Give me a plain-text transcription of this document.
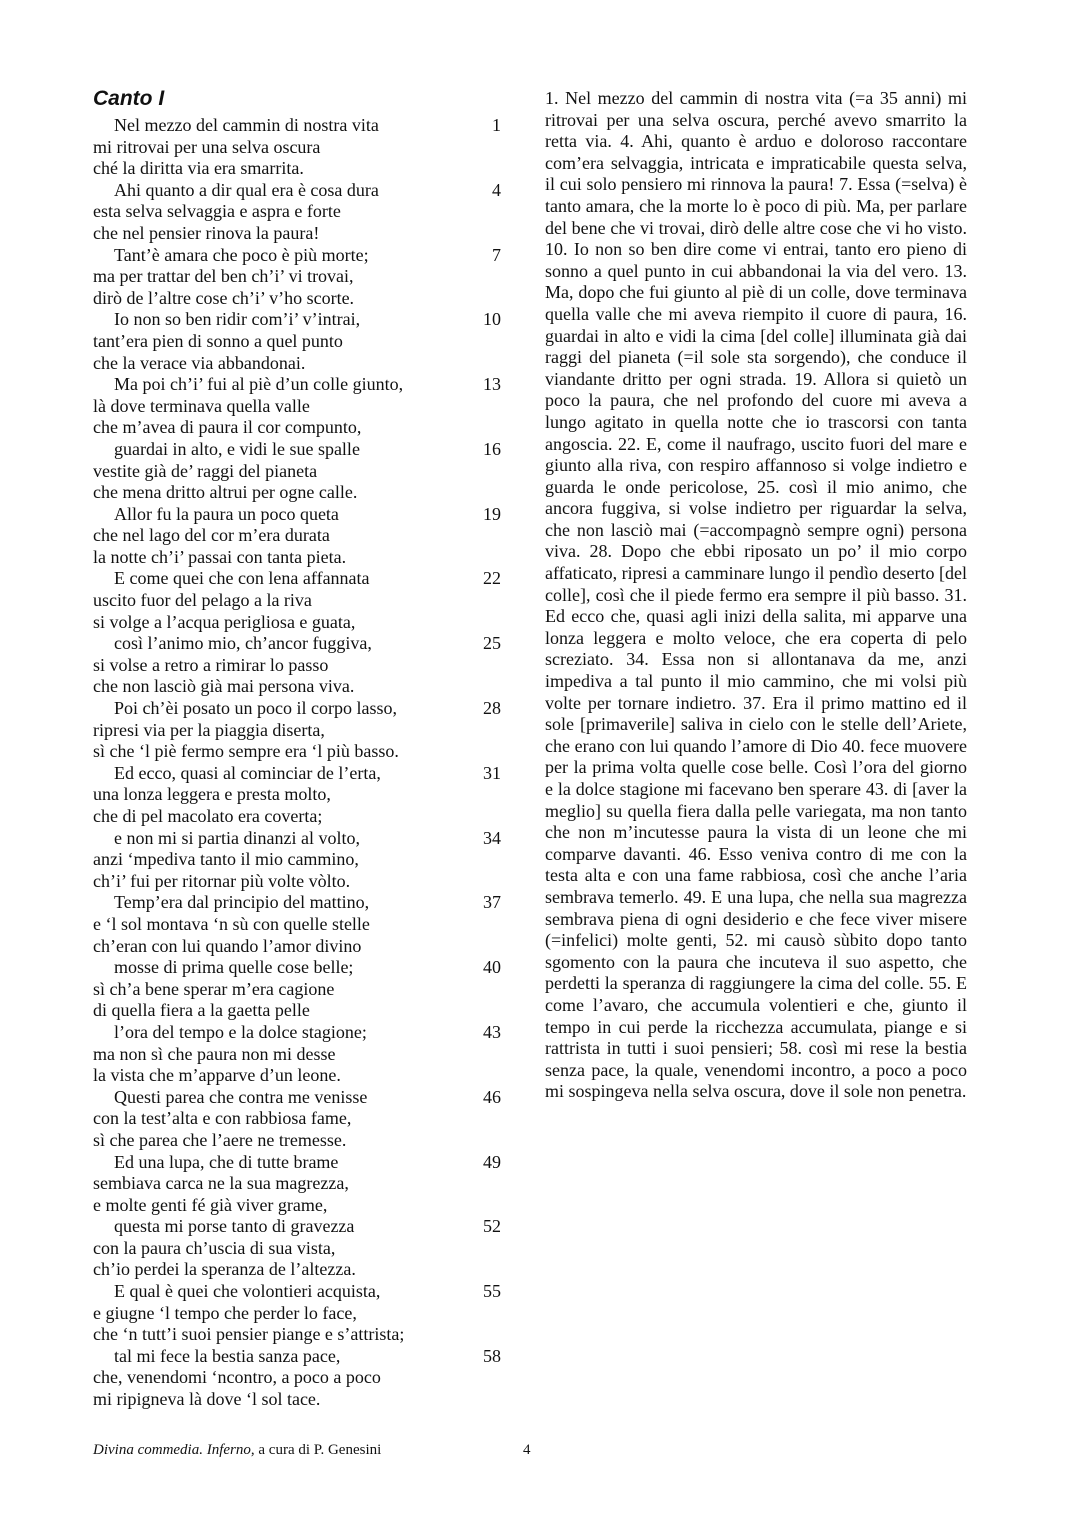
Canto I
Nel mezzo del cammin di nostra vita	1
mi ritrovai per una selva oscura
ché la diritta via era smarrita.
Ahi quanto a dir qual era è cosa dura	4
esta selva selvaggia e aspra e forte
che nel pensier rinova la paura!
Tant’è amara che poco è più morte;	7
ma per trattar del ben ch’i’ vi trovai,
dirò de l’altre cose ch’i’ v’ho scorte.
Io non so ben ridir com’i’ v’intrai,	10
tant’era pien di sonno a quel punto
che la verace via abbandonai.
Ma poi ch’i’ fui al piè d’un colle giunto,	13
là dove terminava quella valle
che m’avea di paura il cor compunto,
guardai in alto, e vidi le sue spalle	16
vestite già de’ raggi del pianeta
che mena dritto altrui per ogne calle.
Allor fu la paura un poco queta	19
che nel lago del cor m’era durata
la notte ch’i’ passai con tanta pieta.
E come quei che con lena affannata	22
uscito fuor del pelago a la riva
si volge a l’acqua perigliosa e guata,
così l’animo mio, ch’ancor fuggiva,	25
si volse a retro a rimirar lo passo
che non lasciò già mai persona viva.
Poi ch’èi posato un poco il corpo lasso,	28
ripresi via per la piaggia diserta,
sì che ‘l piè fermo sempre era ‘l più basso.
Ed ecco, quasi al cominciar de l’erta,	31
una lonza leggera e presta molto,
che di pel macolato era coverta;
e non mi si partia dinanzi al volto,	34
anzi ‘mpediva tanto il mio cammino,
ch’i’ fui per ritornar più volte vòlto.
Temp’era dal principio del mattino,	37
e ‘l sol montava ‘n sù con quelle stelle
ch’eran con lui quando l’amor divino
mosse di prima quelle cose belle;	40
sì ch’a bene sperar m’era cagione
di quella fiera a la gaetta pelle
l’ora del tempo e la dolce stagione;	43
ma non sì che paura non mi desse
la vista che m’apparve d’un leone.
Questi parea che contra me venisse	46
con la test’alta e con rabbiosa fame,
sì che parea che l’aere ne tremesse.
Ed una lupa, che di tutte brame	49
sembiava carca ne la sua magrezza,
e molte genti fé già viver grame,
questa mi porse tanto di gravezza	52
con la paura ch’uscia di sua vista,
ch’io perdei la speranza de l’altezza.
E qual è quei che volontieri acquista,	55
e giugne ‘l tempo che perder lo face,
che ‘n tutt’i suoi pensier piange e s’attrista;
tal mi fece la bestia sanza pace,	58
che, venendomi ‘ncontro, a poco a poco
mi ripigneva là dove ‘l sol tace.
1. Nel mezzo del cammin di nostra vita (=a 35 anni) mi ritrovai per una selva oscura, perché avevo smarrito la retta via. 4. Ahi, quanto è arduo e doloroso raccontare com’era selvaggia, intricata e impraticabile questa selva, il cui solo pensiero mi rinnova la paura! 7. Essa (=selva) è tanto amara, che la morte lo è poco di più. Ma, per parlare del bene che vi trovai, dirò delle altre cose che vi ho visto. 10. Io non so ben dire come vi entrai, tanto ero pieno di sonno a quel punto in cui abbandonai la via del vero. 13. Ma, dopo che fui giunto al piè di un colle, dove terminava quella valle che mi aveva riempito il cuore di paura, 16. guardai in alto e vidi la cima [del colle] illuminata già dai raggi del pianeta (=il sole sta sorgendo), che conduce il viandante dritto per ogni strada. 19. Allora si quietò un poco la paura, che nel profondo del cuore mi aveva a lungo agitato in quella notte che io trascorsi con tanta angoscia. 22. E, come il naufrago, uscito fuori del mare e giunto alla riva, con respiro affannoso si volge indietro e guarda le onde pericolose, 25. così il mio animo, che ancora fuggiva, si volse indietro per riguardar la selva, che non lasciò mai (=accompagnò sempre ogni) persona viva. 28. Dopo che ebbi riposato un po’ il mio corpo affaticato, ripresi a camminare lungo il pendìo deserto [del colle], così che il piede fermo era sempre il più basso. 31. Ed ecco che, quasi agli inizi della salita, mi apparve una lonza leggera e molto veloce, che era coperta di pelo screziato. 34. Essa non si allontanava da me, anzi impediva a tal punto il mio cammino, che mi volsi più volte per tornare indietro. 37. Era il primo mattino ed il sole [primaverile] saliva in cielo con le stelle dell’Ariete, che erano con lui quando l’amore di Dio 40. fece muovere per la prima volta quelle cose belle. Così l’ora del giorno e la dolce stagione mi facevano ben sperare 43. di [aver la meglio] su quella fiera dalla pelle variegata, ma non tanto che non m’incutesse paura la vista di un leone che mi comparve davanti. 46. Esso veniva contro di me con la testa alta e con una fame rabbiosa, così che anche l’aria sembrava temerlo. 49. E una lupa, che nella sua magrezza sembrava piena di ogni desiderio e che fece viver misere (=infelici) molte genti, 52. mi causò sùbito dopo tanto sgomento con la paura che incuteva il suo aspetto, che perdetti la speranza di raggiungere la cima del colle. 55. E come l’avaro, che accumula volentieri e che, giunto il tempo in cui perde la ricchezza accumulata, piange e si rattrista in tutti i suoi pensieri; 58. così mi rese la bestia senza pace, la quale, venendomi incontro, a poco a poco mi sospingeva nella selva oscura, dove il sole non penetra.
Divina commedia. Inferno, a cura di P. Genesini	4
